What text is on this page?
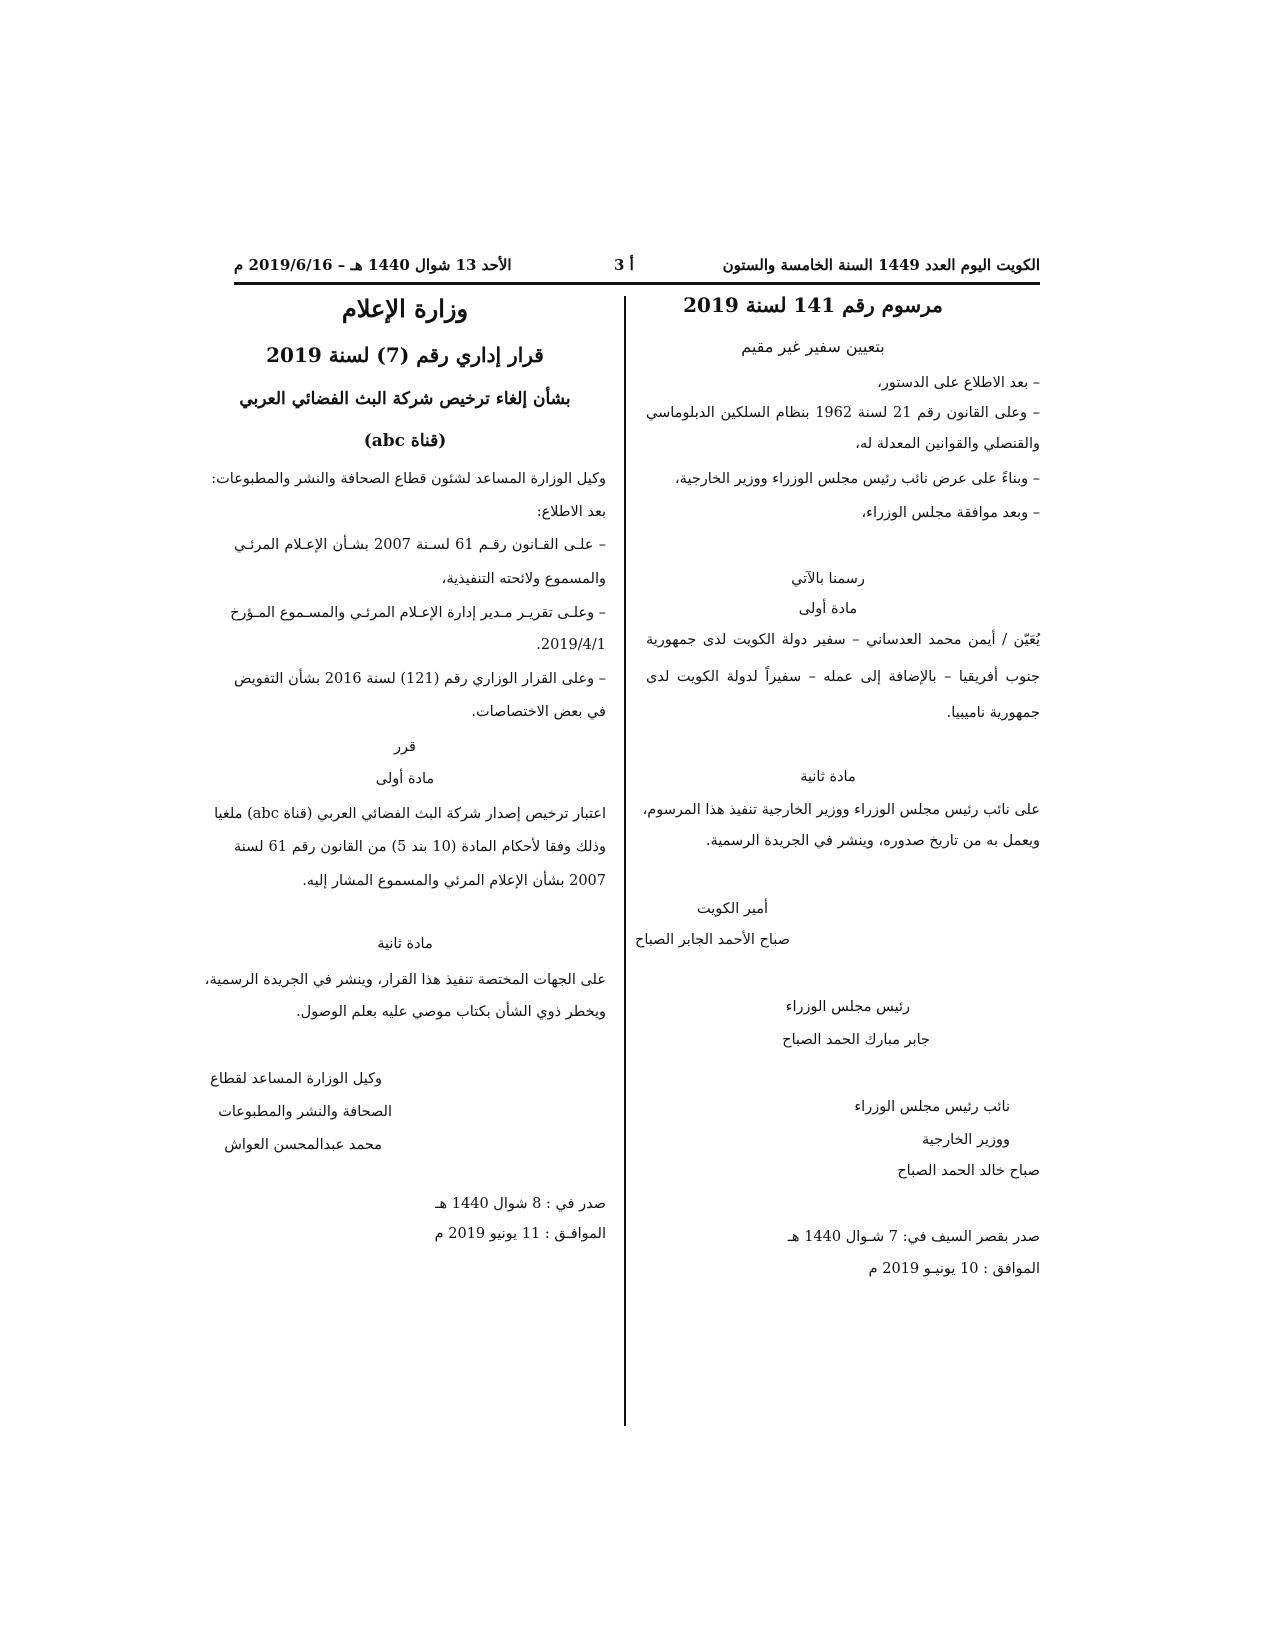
الكويت اليوم العدد 1449 السنة الخامسة والستون
أ 3
الأحد 13 شوال 1440 هـ – 2019/6/16 م
مرسوم رقم 141 لسنة 2019
بتعيين سفير غير مقيم
– بعد الاطلاع على الدستور،
– وعلى القانون رقم 21 لسنة 1962 بنظام السلكين الدبلوماسي
والقنصلي والقوانين المعدلة له،
– وبناءً على عرض نائب رئيس مجلس الوزراء ووزير الخارجية،
– وبعد موافقة مجلس الوزراء،
رسمنا بالآتي
مادة أولى
يُعَيّن / أيمن محمد العدساني – سفير دولة الكويت لدى جمهورية
جنوب أفريقيا – بالإضافة إلى عمله – سفيراً لدولة الكويت لدى
جمهورية ناميبيا.
مادة ثانية
على نائب رئيس مجلس الوزراء ووزير الخارجية تنفيذ هذا المرسوم،
ويعمل به من تاريخ صدوره، وينشر في الجريدة الرسمية.
أمير الكويت
صباح الأحمد الجابر الصباح
رئيس مجلس الوزراء
جابر مبارك الحمد الصباح
نائب رئيس مجلس الوزراء
ووزير الخارجية
صباح خالد الحمد الصباح
صدر بقصر السيف في: 7 شـوال 1440 هـ
الموافق : 10 يونيـو 2019 م
وزارة الإعلام
قرار إداري رقم (7) لسنة 2019
بشأن إلغاء ترخيص شركة البث الفضائي العربي
(قناة abc)
وكيل الوزارة المساعد لشئون قطاع الصحافة والنشر والمطبوعات:
بعد الاطلاع:
– علـى القـانون رقـم 61 لسـنة 2007 بشـأن الإعـلام المرئـي
والمسموع ولائحته التنفيذية،
– وعلـى تقريـر مـدير إدارة الإعـلام المرئـي والمسـموع المـؤرخ
2019/4/1.
– وعلى القرار الوزاري رقم (121) لسنة 2016 بشأن التفويض
في بعض الاختصاصات.
قرر
مادة أولى
اعتبار ترخيص إصدار شركة البث الفضائي العربي (قناة abc) ملغيا
وذلك وفقا لأحكام المادة (10 بند 5) من القانون رقم 61 لسنة
2007 بشأن الإعلام المرئي والمسموع المشار إليه.
مادة ثانية
على الجهات المختصة تنفيذ هذا القرار، وينشر في الجريدة الرسمية،
ويخطر ذوي الشأن بكتاب موصي عليه بعلم الوصول.
وكيل الوزارة المساعد لقطاع
الصحافة والنشر والمطبوعات
محمد عبدالمحسن العواش
صدر في : 8 شوال 1440 هـ
الموافـق : 11 يونيو 2019 م
